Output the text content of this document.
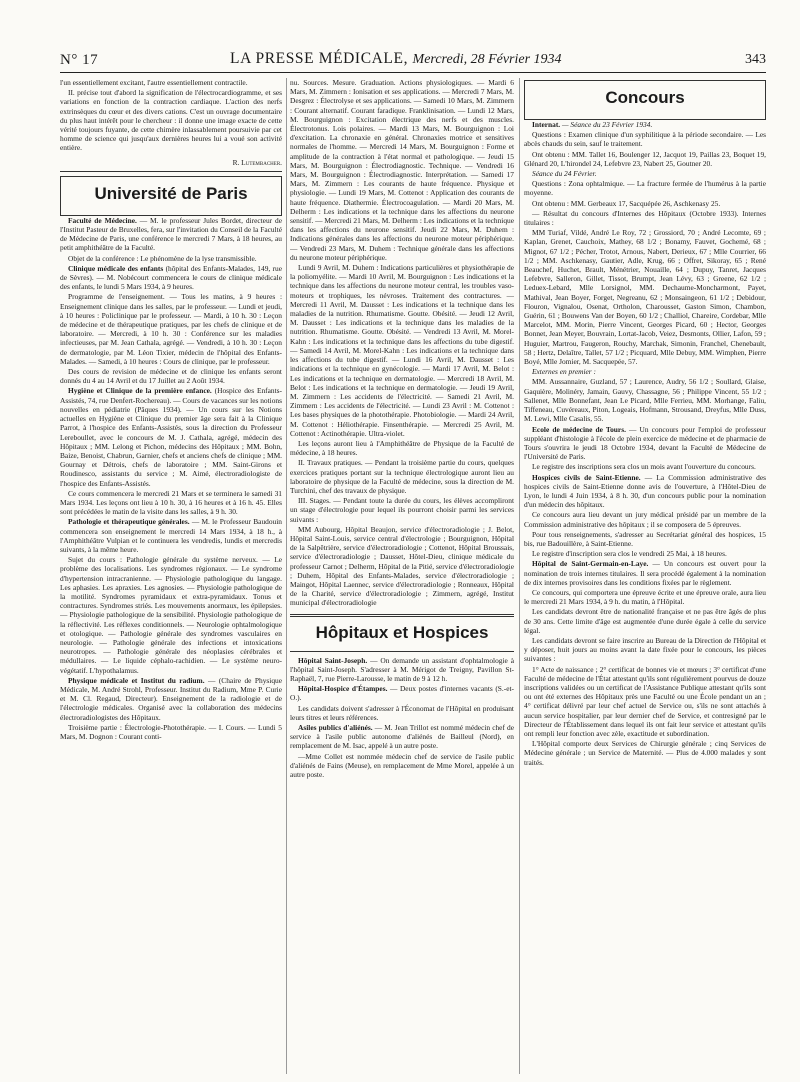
N° 17	LA PRESSE MÉDICALE, Mercredi, 28 Février 1934	343

l'un essentiellement excitant, l'autre essentiellement contractile.

II. précise tout d'abord la signification de l'électrocardiogramme, et ses variations en fonction de la contraction cardiaque. L'action des nerfs extrinsèques du cœur et des divers cations. C'est un ouvrage documentaire du plus haut intérêt pour le chercheur : il donne une image exacte de cette vérité toujours fuyante, de cette chimère inlassablement poursuivie par cet homme de science qui jusqu'aux dernières heures lui a voué son activité entière.

R. Lutembacher.

Université de Paris

Faculté de Médecine. — M. le professeur Jules Bordet, directeur de l'Institut Pasteur de Bruxelles, fera, sur l'invitation du Conseil de la Faculté de Médecine de Paris, une conférence le mercredi 7 Mars, à 18 heures, au petit amphithéâtre de la Faculté.

Objet de la conférence : Le phénomène de la lyse transmissible.

Clinique médicale des enfants (hôpital des Enfants-Malades, 149, rue de Sèvres). — M. Nobécourt commencera le cours de clinique médicale des enfants, le lundi 5 Mars 1934, à 9 heures.

Programme de l'enseignement. — Tous les matins, à 9 heures : Enseignement clinique dans les salles, par le professeur. — Lundi et jeudi, à 10 heures : Policlinique par le professeur. — Mardi, à 10 h. 30 : Leçon de médecine et de thérapeutique pratiques, par les chefs de clinique et de laboratoire. — Mercredi, à 10 h. 30 : Conférence sur les maladies infectieuses, par M. Jean Cathala, agrégé. — Vendredi, à 10 h. 30 : Leçon de dermatologie, par M. Léon Tixier, médecin de l'hôpital des Enfants-Malades. — Samedi, à 10 heures : Cours de clinique, par le professeur.

Des cours de revision de médecine et de clinique les enfants seront donnés du 4 au 14 Avril et du 17 Juillet au 2 Août 1934.

Hygiène et Clinique de la première enfance. (Hospice des Enfants-Assistés, 74, rue Denfert-Rochereau). — Cours de vacances sur les notions nouvelles en pédiatrie (Pâques 1934). — Un cours sur les Notions actuelles en Hygiène et Clinique du premier âge sera fait à la Clinique Parrot, à l'hospice des Enfants-Assistés, sous la direction du Professeur Lereboullet, avec le concours de M. J. Cathala, agrégé, médecin des Hôpitaux ; MM. Lelong et Pichon, médecins des Hôpitaux ; MM. Bohn, Baize, Benoist, Chabrun, Garnier, chefs et anciens chefs de clinique ; MM. Gournay et Détrois, chefs de laboratoire ; MM. Saint-Girons et Roudinesco, assistants du service ; M. Aimé, électroradiologiste de l'hospice des Enfants-Assistés.

Ce cours commencera le mercredi 21 Mars et se terminera le samedi 31 Mars 1934. Les leçons ont lieu à 10 h. 30, à 16 heures et à 16 h. 45. Elles sont précédées le matin de la visite dans les salles, à 9 h. 30.

Pathologie et thérapeutique générales. — M. le Professeur Baudouin commencera son enseignement le mercredi 14 Mars 1934, à 18 h., à l'Amphithéâtre Vulpian et le continuera les vendredis, lundis et mercredis suivants, à la même heure.

Sujet du cours : Pathologie générale du système nerveux. — Le problème des localisations. Les syndromes régionaux. — Le syndrome d'hypertension intracranienne. — Physiologie pathologique du langage. Les aphasies. Les apraxies. Les agnosies. — Physiologie pathologique de la motilité. Syndromes pyramidaux et extra-pyramidaux. Tonus et contractures. Syndromes striés. Les mouvements anormaux, les épilepsies. — Physiologie pathologique de la sensibilité. Physiologie pathologique de la réflectivité. Les réflexes conditionnels. — Neurologie ophtalmologique et otologique. — Pathologie générale des syndromes vasculaires en neurologie. — Pathologie générale des infections et intoxications neurotropes. — Pathologie générale des néoplasies cérébrales et médullaires. — Le liquide céphalo-rachidien. — Le système neuro-végétatif. L'hypothalamus.

Physique médicale et Institut du radium. — (Chaire de Physique Médicale, M. André Strohl, Professeur. Institut du Radium, Mme P. Curie et M. Cl. Regaud, Directeur). Enseignement de la radiologie et de l'électrologie médicales. Organisé avec la collaboration des médecins électroradiologistes des Hôpitaux.

Troisième partie : Électrologie-Photothérapie. — I. Cours. — Lundi 5 Mars, M. Dognon : Courant conti-

nu. Sources. Mesure. Graduation. Actions physiologiques. — Mardi 6 Mars, M. Zimmern : Ionisation et ses applications. — Mercredi 7 Mars, M. Desgrez : Électrolyse et ses applications. — Samedi 10 Mars, M. Zimmern : Courant alternatif. Courant faradique. Franklinisation. — Lundi 12 Mars, M. Bourguignon : Excitation électrique des nerfs et des muscles. Électrotonus. Lois polaires. — Mardi 13 Mars, M. Bourguignon : Loi d'excitation. La chronaxie en général. Chronaxies motrice et sensitives normales de l'homme. — Mercredi 14 Mars, M. Bourguignon : Forme et amplitude de la contraction à l'état normal et pathologique. — Jeudi 15 Mars, M. Bourguignon : Électrodiagnostic. Technique. — Vendredi 16 Mars, M. Bourguignon : Électrodiagnostic. Interprétation. — Samedi 17 Mars, M. Zimmern : Les courants de haute fréquence. Physique et physiologie. — Lundi 19 Mars, M. Cottenot : Application des courants de haute fréquence. Diathermie. Électrocoagulation. — Mardi 20 Mars, M. Delherm : Les indications et la technique dans les affections du neurone sensitif. — Mercredi 21 Mars, M. Delherm : Les indications et la technique dans les affections du neurone sensitif. Jeudi 22 Mars, M. Duhem : Indications générales dans les affections du neurone moteur périphérique. — Vendredi 23 Mars, M. Duhem : Technique générale dans les affections du neurone moteur périphérique.

Lundi 9 Avril, M. Duhem : Indications particulières et physiothérapie de la poliomyélite. — Mardi 10 Avril, M. Bourguignon : Les indications et la technique dans les affections du neurone moteur central, les troubles vaso-moteurs et trophiques, les névroses. Traitement des contractures. — Mercredi 11 Avril, M. Dausset : Les indications et la technique dans les maladies de la nutrition. Rhumatisme. Goutte. Obésité. — Jeudi 12 Avril, M. Dausset : Les indications et la technique dans les maladies de la nutrition. Rhumatisme. Goutte. Obésité. — Vendredi 13 Avril, M. Morel-Kahn : Les indications et la technique dans les affections du tube digestif. — Samedi 14 Avril, M. Morel-Kahn : Les indications et la technique dans les affections du tube digestif. — Lundi 16 Avril, M. Dausset : Les indications et la technique en gynécologie. — Mardi 17 Avril, M. Belot : Les indications et la technique en dermatologie. — Mercredi 18 Avril, M. Belot : Les indications et la technique en dermatologie. — Jeudi 19 Avril, M. Zimmern : Les accidents de l'électricité. — Samedi 21 Avril, M. Zimmern : Les accidents de l'électricité. — Lundi 23 Avril : M. Cottenot : Les bases physiques de la photothérapie. Photobiologie. — Mardi 24 Avril, M. Cottenot : Héliothérapie. Finsenthérapie. — Mercredi 25 Avril, M. Cottenot : Actinothérapie. Ultra-violet.

Les leçons auront lieu à l'Amphithéâtre de Physique de la Faculté de médecine, à 18 heures.

II. Travaux pratiques. — Pendant la troisième partie du cours, quelques exercices pratiques portant sur la technique électrologique auront lieu au laboratoire de physique de la Faculté de médecine, sous la direction de M. Turchini, chef des travaux de physique.

III. Stages. — Pendant toute la durée du cours, les élèves accompliront un stage d'électrologie pour lequel ils pourront choisir parmi les services suivants :

MM Aubourg, Hôpital Beaujon, service d'électroradiologie ; J. Belot, Hôpital Saint-Louis, service central d'électrologie ; Bourguignon, Hôpital de la Salpêtrière, service d'électroradiologie ; Cottenot, Hôpital Broussais, service d'électroradiologie ; Dausset, Hôtel-Dieu, clinique médicale du professeur Carnot ; Delherm, Hôpital de la Pitié, service d'électroradiologie ; Duhem, Hôpital des Enfants-Malades, service d'électroradiologie ; Maingot, Hôpital Laennec, service d'électroradiologie ; Ronneaux, Hôpital de la Charité, service d'électroradiologie ; Zimmern, agrégé, Institut municipal d'électroradiologie

Hôpitaux et Hospices

Hôpital Saint-Joseph. — On demande un assistant d'ophtalmologie à l'hôpital Saint-Joseph. S'adresser à M. Mérigot de Treigny, Pavillon St-Raphaël, 7, rue Pierre-Larousse, le matin de 9 à 12 h.

Hôpital-Hospice d'Étampes. — Deux postes d'internes vacants (S.-et-O.).

Les candidats doivent s'adresser à l'Économat de l'Hôpital en produisant leurs titres et leurs références.

Asiles publics d'aliénés. — M. Jean Trillot est nommé médecin chef de service à l'asile public autonome d'aliénés de Bailleul (Nord), en remplacement de M. Isac, appelé à un autre poste.

—Mme Collet est nommée médecin chef de service de l'asile public d'aliénés de Fains (Meuse), en remplacement de Mme Morel, appelée à un autre poste.

Concours

Internat. — Séance du 23 Février 1934.

Questions : Examen clinique d'un syphilitique à la période secondaire. — Les abcès chauds du sein, sauf le traitement.

Ont obtenu : MM. Tallet 16, Boulenger 12, Jacquot 19, Paillas 23, Boquet 19, Glénard 20, L'hirondel 24, Lefebvre 23, Nabert 25, Goutner 20.

Séance du 24 Février.

Questions : Zona ophtalmique. — La fracture fermée de l'humérus à la partie moyenne.

Ont obtenu : MM. Gerbeaux 17, Sacquépée 26, Aschkenasy 25.

— Résultat du concours d'Internes des Hôpitaux (Octobre 1933). Internes titulaires :

MM Turiaf, Vildé, André Le Roy, 72 ; Grossiord, 70 ; André Lecomte, 69 ; Kaplan, Grenet, Cauchoix, Mathey, 68 1/2 ; Bonamy, Fauvet, Gochemé, 68 ; Mignot, 67 1/2 ; Pécher, Trotot, Arnous, Nabert, Derieux, 67 ; Mlle Courrier, 66 1/2 ; MM. Aschkenasy, Gautier, Adle, Krug, 66 ; Offret, Sikoray, 65 ; René Beauchef, Huchet, Brault, Ménétrier, Nouaille, 64 ; Dupuy, Tanret, Jacques Lefebvre, Salleron, Gillet, Tissot, Brumpt, Jean Lévy, 63 ; Greene, 62 1/2 ; Leduex-Lebard, Mlle Lorsignol, MM. Dechaume-Moncharmont, Payet, Mathival, Jean Boyer, Forget, Negreanu, 62 ; Monsaingeon, 61 1/2 ; Debidour, Flouron, Vignalou, Osenat, Ortholon, Charousset, Gaston Simon, Chambon, Guérin, 61 ; Bouwens Van der Boyen, 60 1/2 ; Challiol, Chareire, Cordebar, Mlle Marcelot, MM. Morin, Pierre Vincent, Georges Picard, 60 ; Hector, Georges Bonnet, Jean Meyer, Bouvrain, Lortat-Jacob, Veiez, Desmonts, Ollier, Lafon, 59 ; Huguier, Martrou, Faugeron, Rouchy, Marchak, Simonin, Franchel, Chenebault, 58 ; Hertz, Delaître, Tallet, 57 1/2 ; Picquard, Mlle Debuy, MM. Wimphen, Pierre Boyé, Mlle Jomier, M. Sacquepée, 57.

Externes en premier :

MM. Aussannaire, Guzland, 57 ; Laurence, Audry, 56 1/2 ; Soullard, Glaise, Gaquière, Molinéry, Jamain, Gauvy, Chassagne, 56 ; Philippe Vincent, 55 1/2 ; Sallenet, Mlle Bonnefant, Jean Le Picard, Mlle Ferrieu, MM. Morhange, Faliu, Tiffeneau, Cuvéreaux, Piton, Logeais, Hofmann, Strousand, Dreyfus, Mlle Duss, M. Lewi, Mlle Casalis, 55.

Ecole de médecine de Tours. — Un concours pour l'emploi de professeur suppléant d'histologie à l'école de plein exercice de médecine et de pharmacie de Tours s'ouvrira le jeudi 18 Octobre 1934, devant la Faculté de Médecine de l'Université de Paris.

Le registre des inscriptions sera clos un mois avant l'ouverture du concours.

Hospices civils de Saint-Etienne. — La Commission administrative des hospices civils de Saint-Etienne donne avis de l'ouverture, à l'Hôtel-Dieu de Lyon, le lundi 4 Juin 1934, à 8 h. 30, d'un concours public pour la nomination d'un médecin des hôpitaux.

Ce concours aura lieu devant un jury médical présidé par un membre de la Commission administrative des hôpitaux ; il se composera de 5 épreuves.

Pour tous renseignements, s'adresser au Secrétariat général des hospices, 15 bis, rue Badouillère, à Saint-Etienne.

Le registre d'inscription sera clos le vendredi 25 Mai, à 18 heures.

Hôpital de Saint-Germain-en-Laye. — Un concours est ouvert pour la nomination de trois internes titulaires. Il sera procédé également à la nomination de dix internes provisoires dans les conditions fixées par le règlement.

Ce concours, qui comportera une épreuve écrite et une épreuve orale, aura lieu le mercredi 21 Mars 1934, à 9 h. du matin, à l'Hôpital.

Les candidats devront être de nationalité française et ne pas être âgés de plus de 30 ans. Cette limite d'âge est augmentée d'une durée égale à celle du service légal.

Les candidats devront se faire inscrire au Bureau de la Direction de l'Hôpital et y déposer, huit jours au moins avant la date fixée pour le concours, les pièces suivantes :

1° Acte de naissance ; 2° certificat de bonnes vie et mœurs ; 3° certificat d'une Faculté de médecine de l'État attestant qu'ils sont régulièrement pourvus de douze inscriptions validées ou un certificat de l'Assistance Publique attestant qu'ils sont ou ont été externes des Hôpitaux près une Faculté ou une École pendant un an ; 4° certificat délivré par leur chef actuel de Service ou, s'ils ne sont attachés à aucun service hospitalier, par leur dernier chef de Service, et contresigné par le Directeur de l'Établissement dans lequel ils ont fait leur service et attestant qu'ils ont rempli leur fonction avec zèle, exactitude et subordination.

L'Hôpital comporte deux Services de Chirurgie générale ; cinq Services de Médecine générale ; un Service de Maternité. — Plus de 4.000 malades y sont traités.
